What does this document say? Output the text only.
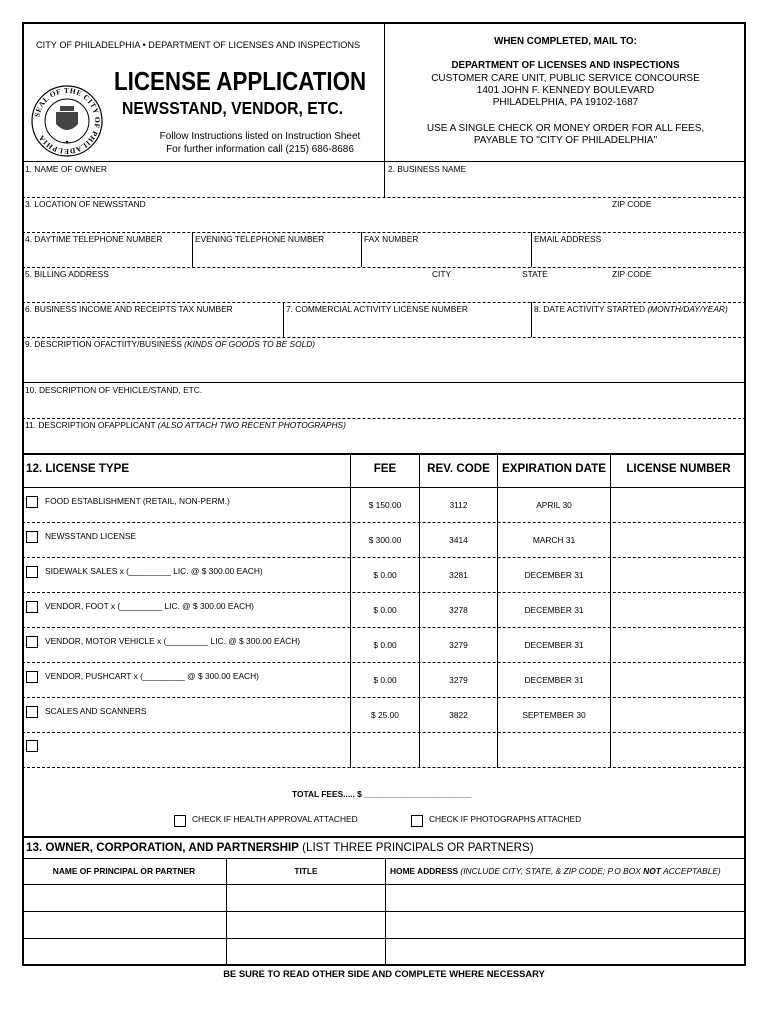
CITY OF PHILADELPHIA • DEPARTMENT OF LICENSES AND INSPECTIONS
SEAL OF THE CITY OF PHILADELPHIA
LICENSE APPLICATION
NEWSSTAND, VENDOR, ETC.
Follow Instructions listed on Instruction Sheet
For further information call (215) 686-8686
WHEN COMPLETED, MAIL TO:
DEPARTMENT OF LICENSES AND INSPECTIONS
CUSTOMER CARE UNIT, PUBLIC SERVICE CONCOURSE
1401 JOHN F. KENNEDY BOULEVARD
PHILADELPHIA, PA 19102-1687
USE A SINGLE CHECK OR MONEY ORDER FOR ALL FEES,
PAYABLE TO "CITY OF PHILADELPHIA"
1. NAME OF OWNER	2. BUSINESS NAME
3. LOCATION OF NEWSSTAND	ZIP CODE
4. DAYTIME TELEPHONE NUMBER	EVENING TELEPHONE NUMBER	FAX NUMBER	EMAIL ADDRESS
5. BILLING ADDRESS	CITY	STATE	ZIP CODE
6. BUSINESS INCOME AND RECEIPTS TAX NUMBER	7. COMMERCIAL ACTIVITY LICENSE NUMBER	8. DATE ACTIVITY STARTED (MONTH/DAY/YEAR)
9. DESCRIPTION OFACTIITY/BUSINESS (KINDS OF GOODS TO BE SOLD)
10. DESCRIPTION OF VEHICLE/STAND, ETC.
11. DESCRIPTION OFAPPLICANT (ALSO ATTACH TWO RECENT PHOTOGRAPHS)
12. LICENSE TYPE	FEE	REV. CODE	EXPIRATION DATE	LICENSE NUMBER
FOOD ESTABLISHMENT (RETAIL, NON-PERM.)	$ 150.00	3112	APRIL 30
NEWSSTAND LICENSE	$ 300.00	3414	MARCH 31
SIDEWALK SALES x (_________ LIC. @ $ 300.00 EACH)	$ 0.00	3281	DECEMBER 31
VENDOR, FOOT x (_________ LIC. @ $ 300.00 EACH)	$ 0.00	3278	DECEMBER 31
VENDOR, MOTOR VEHICLE x (_________ LIC. @ $ 300.00 EACH)	$ 0.00	3279	DECEMBER 31
VENDOR, PUSHCART x (_________ @ $ 300.00 EACH)	$ 0.00	3279	DECEMBER 31
SCALES AND SCANNERS	$ 25.00	3822	SEPTEMBER 30
TOTAL FEES..... $ _______________________
CHECK IF HEALTH APPROVAL ATTACHED	CHECK IF PHOTOGRAPHS ATTACHED
13. OWNER, CORPORATION, AND PARTNERSHIP (LIST THREE PRINCIPALS OR PARTNERS)
NAME OF PRINCIPAL OR PARTNER	TITLE	HOME ADDRESS (INCLUDE CITY, STATE, & ZIP CODE; P.O BOX NOT ACCEPTABLE)
BE SURE TO READ OTHER SIDE AND COMPLETE WHERE NECESSARY
